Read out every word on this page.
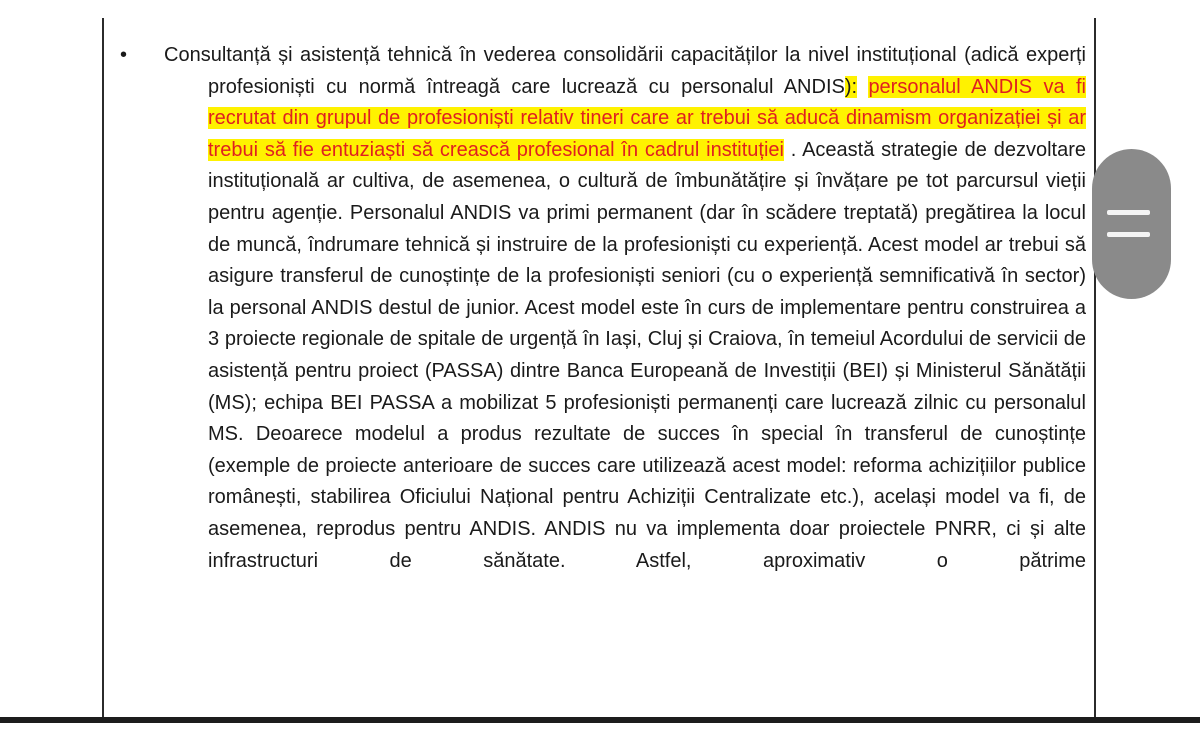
• Consultanță și asistență tehnică în vederea consolidării capacităților la nivel instituțional (adică experți profesioniști cu normă întreagă care lucrează cu personalul ANDIS): personalul ANDIS va fi recrutat din grupul de profesioniști relativ tineri care ar trebui să aducă dinamism organizației și ar trebui să fie entuziaști să crească profesional în cadrul instituției . Această strategie de dezvoltare instituțională ar cultiva, de asemenea, o cultură de îmbunătățire și învățare pe tot parcursul vieții pentru agenție. Personalul ANDIS va primi permanent (dar în scădere treptată) pregătirea la locul de muncă, îndrumare tehnică și instruire de la profesioniști cu experiență. Acest model ar trebui să asigure transferul de cunoștințe de la profesioniști seniori (cu o experiență semnificativă în sector) la personal ANDIS destul de junior. Acest model este în curs de implementare pentru construirea a 3 proiecte regionale de spitale de urgență în Iași, Cluj și Craiova, în temeiul Acordului de servicii de asistență pentru proiect (PASSA) dintre Banca Europeană de Investiții (BEI) și Ministerul Sănătății (MS); echipa BEI PASSA a mobilizat 5 profesioniști permanenți care lucrează zilnic cu personalul MS. Deoarece modelul a produs rezultate de succes în special în transferul de cunoștințe (exemple de proiecte anterioare de succes care utilizează acest model: reforma achizițiilor publice românești, stabilirea Oficiului Național pentru Achiziții Centralizate etc.), același model va fi, de asemenea, reprodus pentru ANDIS. ANDIS nu va implementa doar proiectele PNRR, ci și alte infrastructuri de sănătate. Astfel, aproximativ o pătrime
